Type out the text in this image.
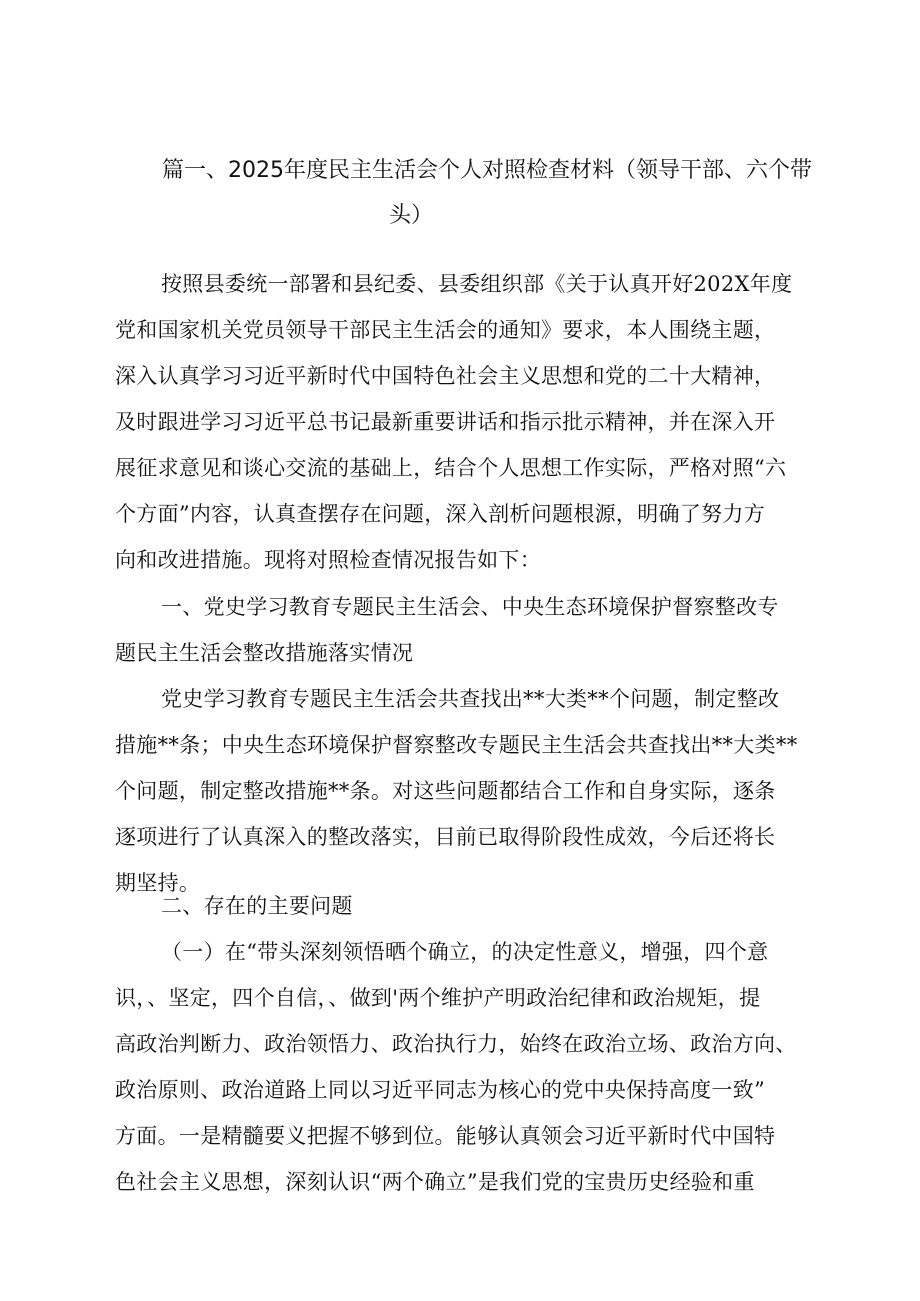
篇一、2025年度民主生活会个人对照检查材料（领导干部、六个带
头）
按照县委统一部署和县纪委、县委组织部《关于认真开好202X年度
党和国家机关党员领导干部民主生活会的通知》要求，本人围绕主题，
深入认真学习习近平新时代中国特色社会主义思想和党的二十大精神，
及时跟进学习习近平总书记最新重要讲话和指示批示精神，并在深入开
展征求意见和谈心交流的基础上，结合个人思想工作实际，严格对照“六
个方面”内容，认真查摆存在问题，深入剖析问题根源，明确了努力方
向和改进措施。现将对照检查情况报告如下：
一、党史学习教育专题民主生活会、中央生态环境保护督察整改专
题民主生活会整改措施落实情况
党史学习教育专题民主生活会共查找出**大类**个问题，制定整改
措施**条；中央生态环境保护督察整改专题民主生活会共查找出**大类**
个问题，制定整改措施**条。对这些问题都结合工作和自身实际，逐条
逐项进行了认真深入的整改落实，目前已取得阶段性成效，今后还将长
期坚持。
二、存在的主要问题
（一）在“带头深刻领悟晒个确立，的决定性意义，增强，四个意
识，、坚定，四个自信，、做到'两个维护产明政治纪律和政治规矩，提
高政治判断力、政治领悟力、政治执行力，始终在政治立场、政治方向、
政治原则、政治道路上同以习近平同志为核心的党中央保持高度一致”
方面。一是精髓要义把握不够到位。能够认真领会习近平新时代中国特
色社会主义思想，深刻认识“两个确立”是我们党的宝贵历史经验和重
